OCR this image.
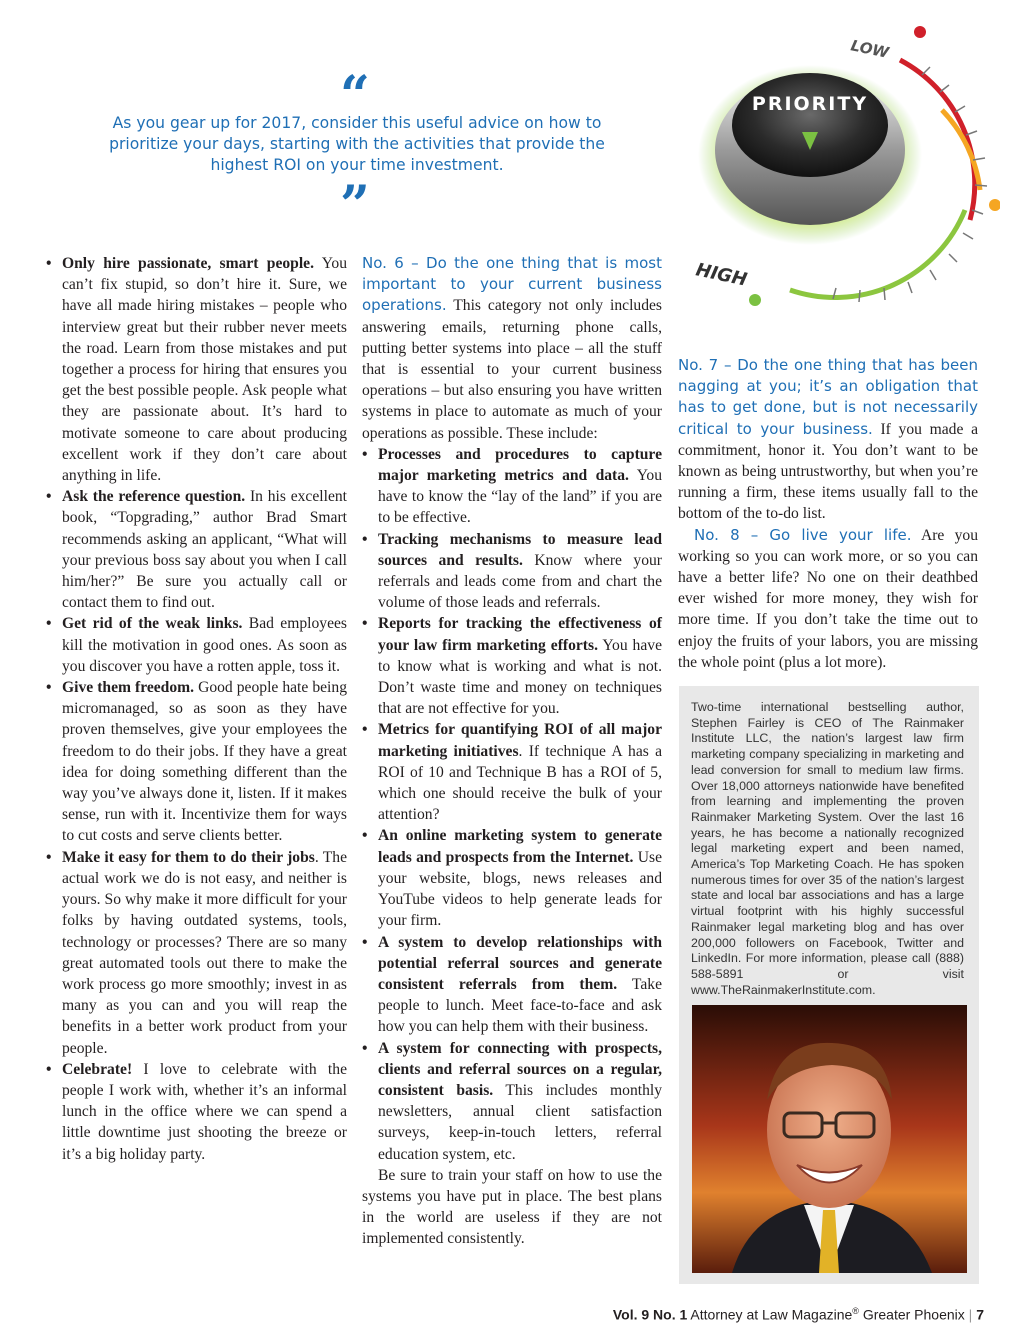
“
As you gear up for 2017, consider this useful advice on how to prioritize your days, starting with the activities that provide the highest ROI on your time investment.
”
PRIORITY
LOW
HIGH
• Only hire passionate, smart people. You can’t fix stupid, so don’t hire it. Sure, we have all made hiring mistakes – people who interview great but their rubber never meets the road. Learn from those mistakes and put together a process for hiring that ensures you get the best possible people. Ask people what they are passionate about. It’s hard to motivate someone to care about producing excellent work if they don’t care about anything in life.
• Ask the reference question. In his excellent book, “Topgrading,” author Brad Smart recommends asking an applicant, “What will your previous boss say about you when I call him/her?” Be sure you actually call or contact them to find out.
• Get rid of the weak links. Bad employees kill the motivation in good ones. As soon as you discover you have a rotten apple, toss it.
• Give them freedom. Good people hate being micromanaged, so as soon as they have proven themselves, give your employees the freedom to do their jobs. If they have a great idea for doing something different than the way you’ve always done it, listen. If it makes sense, run with it. Incentivize them for ways to cut costs and serve clients better.
• Make it easy for them to do their jobs. The actual work we do is not easy, and neither is yours. So why make it more difficult for your folks by having outdated systems, tools, technology or processes? There are so many great automated tools out there to make the work process go more smoothly; invest in as many as you can and you will reap the benefits in a better work product from your people.
• Celebrate! I love to celebrate with the people I work with, whether it’s an informal lunch in the office where we can spend a little downtime just shooting the breeze or it’s a big holiday party.

No. 6 – Do the one thing that is most important to your current business operations. This category not only includes answering emails, returning phone calls, putting better systems into place – all the stuff that is essential to your current business operations – but also ensuring you have written systems in place to automate as much of your operations as possible. These include:

• Processes and procedures to capture major marketing metrics and data. You have to know the “lay of the land” if you are to be effective.
• Tracking mechanisms to measure lead sources and results. Know where your referrals and leads come from and chart the volume of those leads and referrals.
• Reports for tracking the effectiveness of your law firm marketing efforts. You have to know what is working and what is not. Don’t waste time and money on techniques that are not effective for you.
• Metrics for quantifying ROI of all major marketing initiatives. If technique A has a ROI of 10 and Technique B has a ROI of 5, which one should receive the bulk of your attention?
• An online marketing system to generate leads and prospects from the Internet. Use your website, blogs, news releases and YouTube videos to help generate leads for your firm.
• A system to develop relationships with potential referral sources and generate consistent referrals from them. Take people to lunch. Meet face-to-face and ask how you can help them with their business.
• A system for connecting with prospects, clients and referral sources on a regular, consistent basis. This includes monthly newsletters, annual client satisfaction surveys, keep-in-touch letters, referral education system, etc.

Be sure to train your staff on how to use the systems you have put in place. The best plans in the world are useless if they are not implemented consistently.

No. 7 – Do the one thing that has been nagging at you; it’s an obligation that has to get done, but is not necessarily critical to your business. If you made a commitment, honor it. You don’t want to be known as being untrustworthy, but when you’re running a firm, these items usually fall to the bottom of the to-do list.

No. 8 – Go live your life. Are you working so you can work more, or so you can have a better life? No one on their deathbed ever wished for more money, they wish for more time. If you don’t take the time out to enjoy the fruits of your labors, you are missing the whole point (plus a lot more).

Two-time international bestselling author, Stephen Fairley is CEO of The Rainmaker Institute LLC, the nation’s largest law firm marketing company specializing in marketing and lead conversion for small to medium law firms. Over 18,000 attorneys nationwide have benefited from learning and implementing the proven Rainmaker Marketing System. Over the last 16 years, he has become a nationally recognized legal marketing expert and been named, America’s Top Marketing Coach. He has spoken numerous times for over 35 of the nation’s largest state and local bar associations and has a large virtual footprint with his highly successful Rainmaker legal marketing blog and has over 200,000 followers on Facebook, Twitter and LinkedIn. For more information, please call (888) 588-5891 or visit www.TheRainmakerInstitute.com.
Vol. 9 No. 1 Attorney at Law Magazine® Greater Phoenix | 7
